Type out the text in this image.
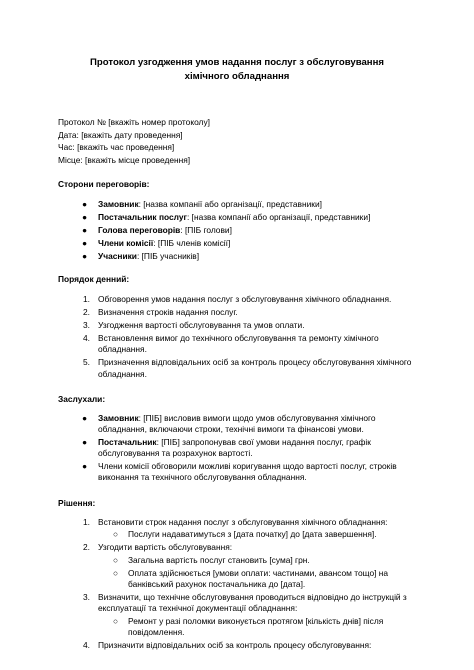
Протокол узгодження умов надання послуг з обслуговування хімічного обладнання
Протокол № [вкажіть номер протоколу]
Дата: [вкажіть дату проведення]
Час: [вкажіть час проведення]
Місце: [вкажіть місце проведення]
Сторони переговорів:
● Замовник: [назва компанії або організації, представники]
● Постачальник послуг: [назва компанії або організації, представники]
● Голова переговорів: [ПІБ голови]
● Члени комісії: [ПІБ членів комісії]
● Учасники: [ПІБ учасників]
Порядок денний:
1. Обговорення умов надання послуг з обслуговування хімічного обладнання.
2. Визначення строків надання послуг.
3. Узгодження вартості обслуговування та умов оплати.
4. Встановлення вимог до технічного обслуговування та ремонту хімічного обладнання.
5. Призначення відповідальних осіб за контроль процесу обслуговування хімічного обладнання.
Заслухали:
● Замовник: [ПІБ] висловив вимоги щодо умов обслуговування хімічного обладнання, включаючи строки, технічні вимоги та фінансові умови.
● Постачальник: [ПІБ] запропонував свої умови надання послуг, графік обслуговування та розрахунок вартості.
● Члени комісії обговорили можливі коригування щодо вартості послуг, строків виконання та технічного обслуговування обладнання.
Рішення:
1. Встановити строк надання послуг з обслуговування хімічного обладнання:
○ Послуги надаватимуться з [дата початку] до [дата завершення].
2. Узгодити вартість обслуговування:
○ Загальна вартість послуг становить [сума] грн.
○ Оплата здійснюється [умови оплати: частинами, авансом тощо] на банківський рахунок постачальника до [дата].
3. Визначити, що технічне обслуговування проводиться відповідно до інструкцій з експлуатації та технічної документації обладнання:
○ Ремонт у разі поломки виконується протягом [кількість днів] після повідомлення.
4. Призначити відповідальних осіб за контроль процесу обслуговування:
